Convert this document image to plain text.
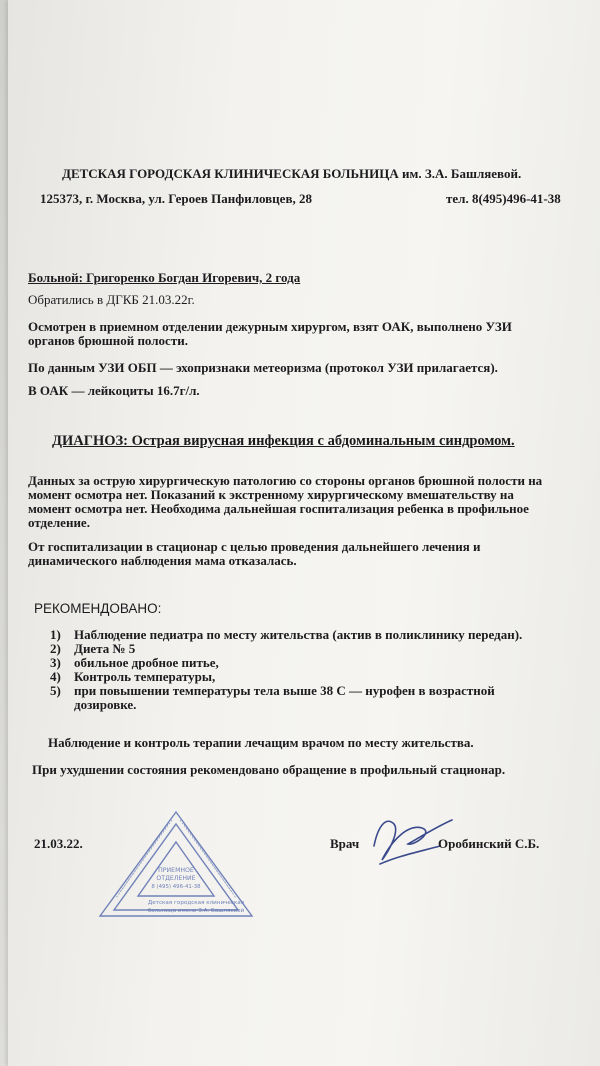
ДЕТСКАЯ ГОРОДСКАЯ КЛИНИЧЕСКАЯ БОЛЬНИЦА им. З.А. Башляевой.
125373, г. Москва, ул. Героев Панфиловцев, 28	тел. 8(495)496-41-38
Больной: Григоренко Богдан Игоревич, 2 года
Обратились в ДГКБ 21.03.22г.
Осмотрен в приемном отделении дежурным хирургом, взят ОАК, выполнено УЗИ
органов брюшной полости.
По данным УЗИ ОБП — эхопризнаки метеоризма (протокол УЗИ прилагается).
В ОАК — лейкоциты 16.7г/л.
ДИАГНОЗ: Острая вирусная инфекция с абдоминальным синдромом.
Данных за острую хирургическую патологию со стороны органов брюшной полости на
момент осмотра нет. Показаний к экстренному хирургическому вмешательству на
момент осмотра нет. Необходима дальнейшая госпитализация ребенка в профильное
отделение.
От госпитализации в стационар с целью проведения дальнейшего лечения и
динамического наблюдения мама отказалась.
РЕКОМЕНДОВАНО:
1)	Наблюдение педиатра по месту жительства (актив в поликлинику передан).
2)	Диета № 5
3)	обильное дробное питье,
4)	Контроль температуры,
5)	при повышении температуры тела выше 38 С — нурофен в возрастной
дозировке.
Наблюдение и контроль терапии лечащим врачом по месту жительства.
При ухудшении состояния рекомендовано обращение в профильный стационар.
21.03.22.
ПРИЕМНОЕ
ОТДЕЛЕНИЕ
8 (495) 496-41-38
Детская городская клиническая
больница имени З.А. Башляевой
Врач	Оробинский С.Б.
